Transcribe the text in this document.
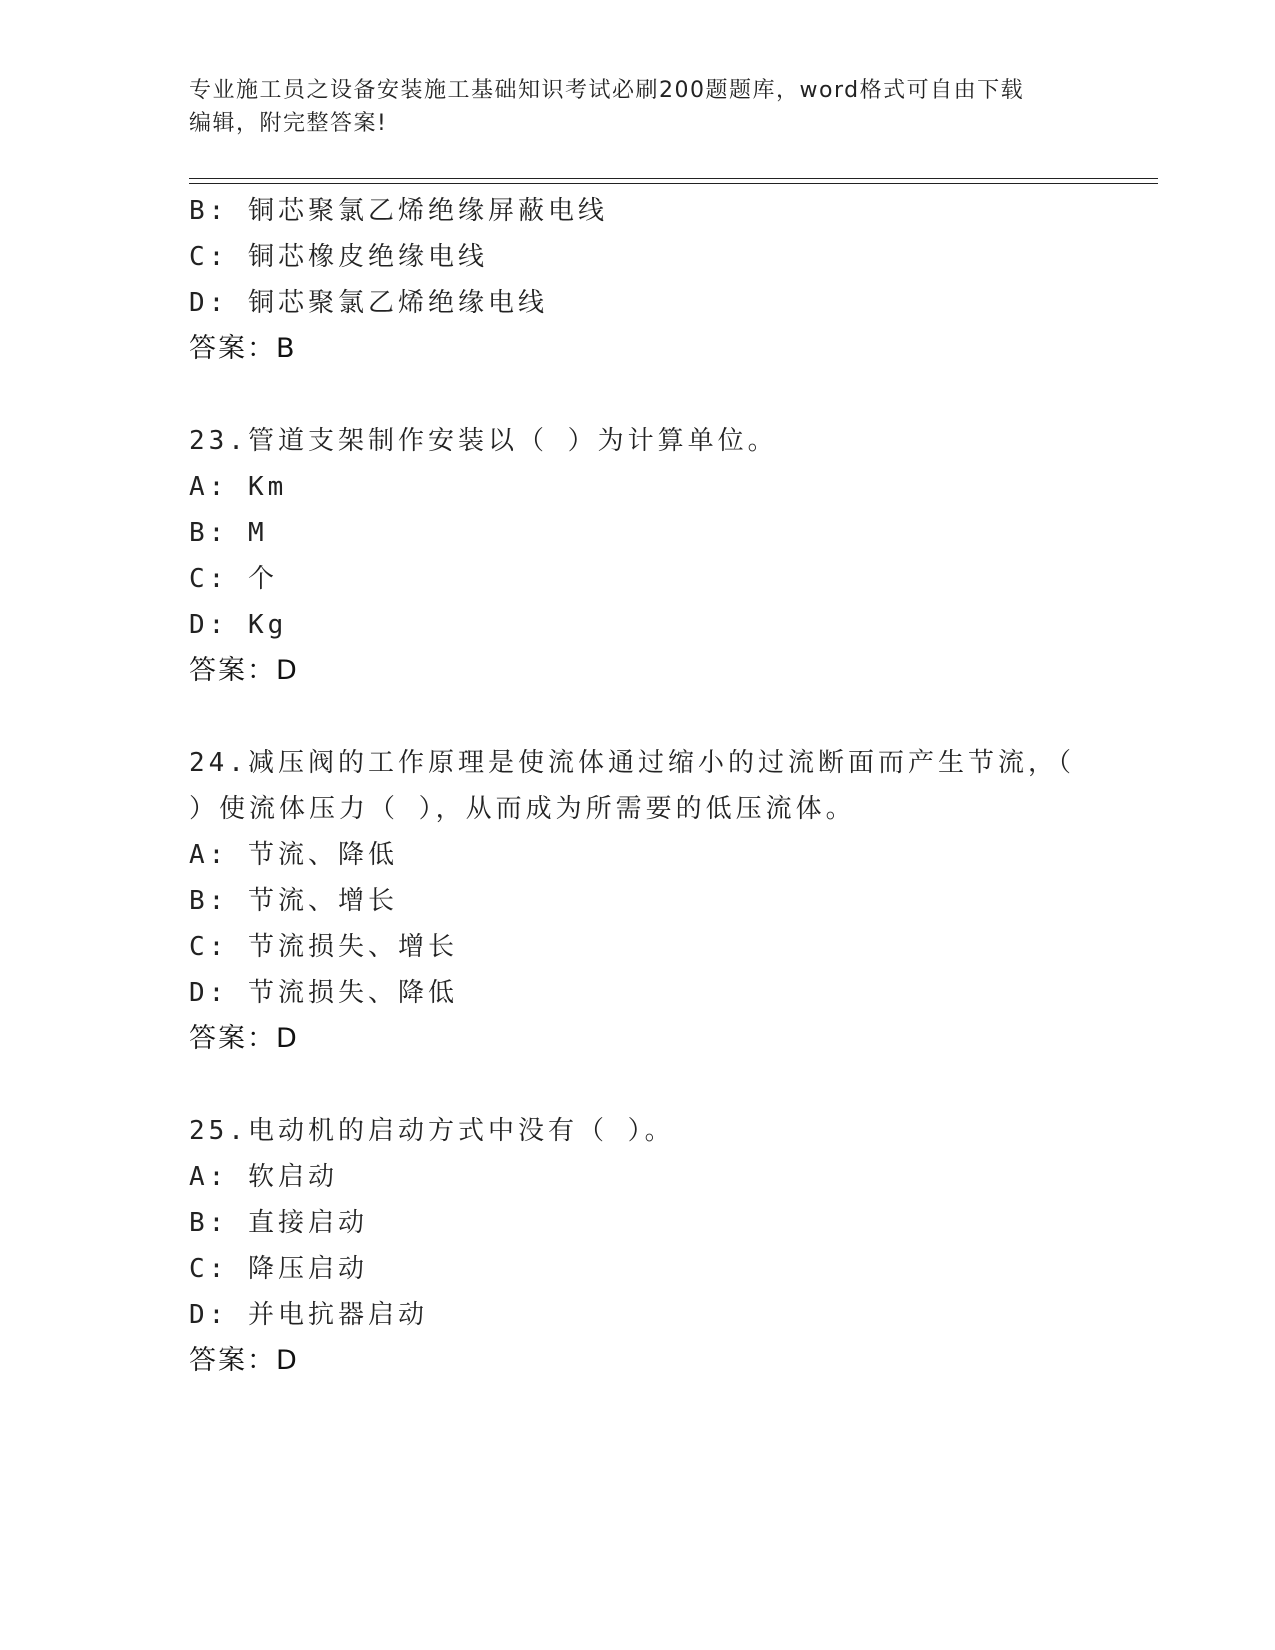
专业施工员之设备安装施工基础知识考试必刷200题题库，word格式可自由下载
编辑，附完整答案!
B: 铜芯聚氯乙烯绝缘屏蔽电线
C: 铜芯橡皮绝缘电线
D: 铜芯聚氯乙烯绝缘电线
答案：B
23.管道支架制作安装以（ ）为计算单位。
A: Km
B: M
C: 个
D: Kg
答案：D
24.减压阀的工作原理是使流体通过缩小的过流断面而产生节流，（
）使流体压力（ ），从而成为所需要的低压流体。
A: 节流、降低
B: 节流、增长
C: 节流损失、增长
D: 节流损失、降低
答案：D
25.电动机的启动方式中没有（ ）。
A: 软启动
B: 直接启动
C: 降压启动
D: 并电抗器启动
答案：D
